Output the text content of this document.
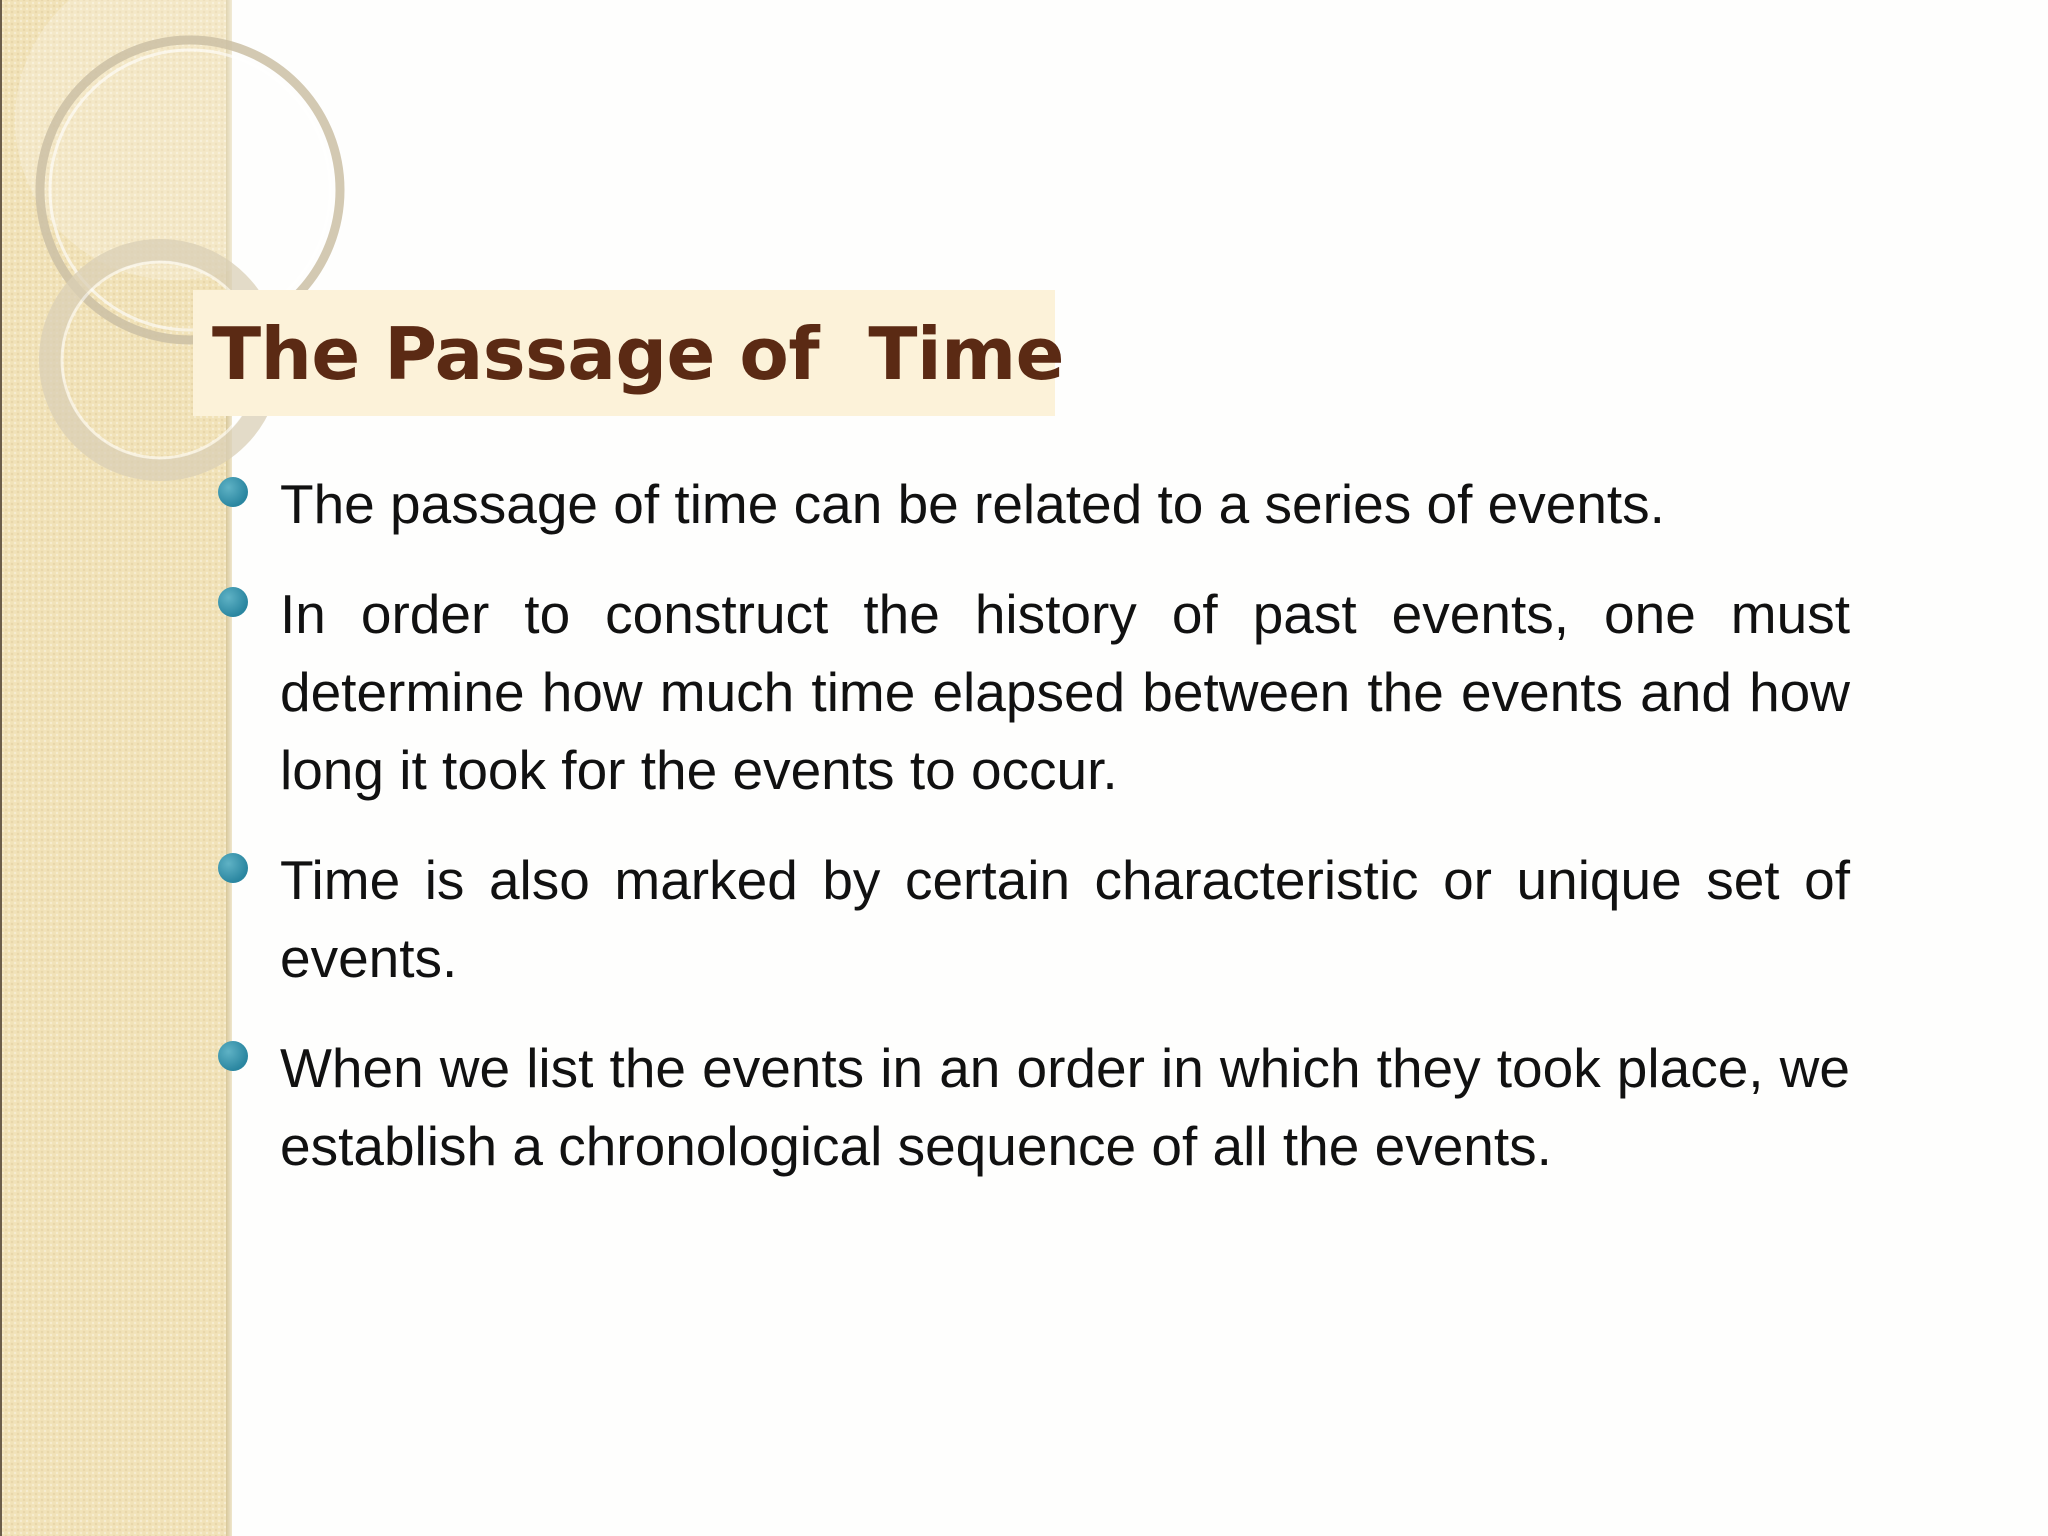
The Passage of  Time
The passage of time can be related to a series of events.
In order to construct the history of past events, one must determine how much time elapsed between the events and how long it took for the events to occur.
Time is also marked by certain characteristic or unique set of events.
When we list the events in an order in which they took place, we establish a chronological sequence of all the events.
